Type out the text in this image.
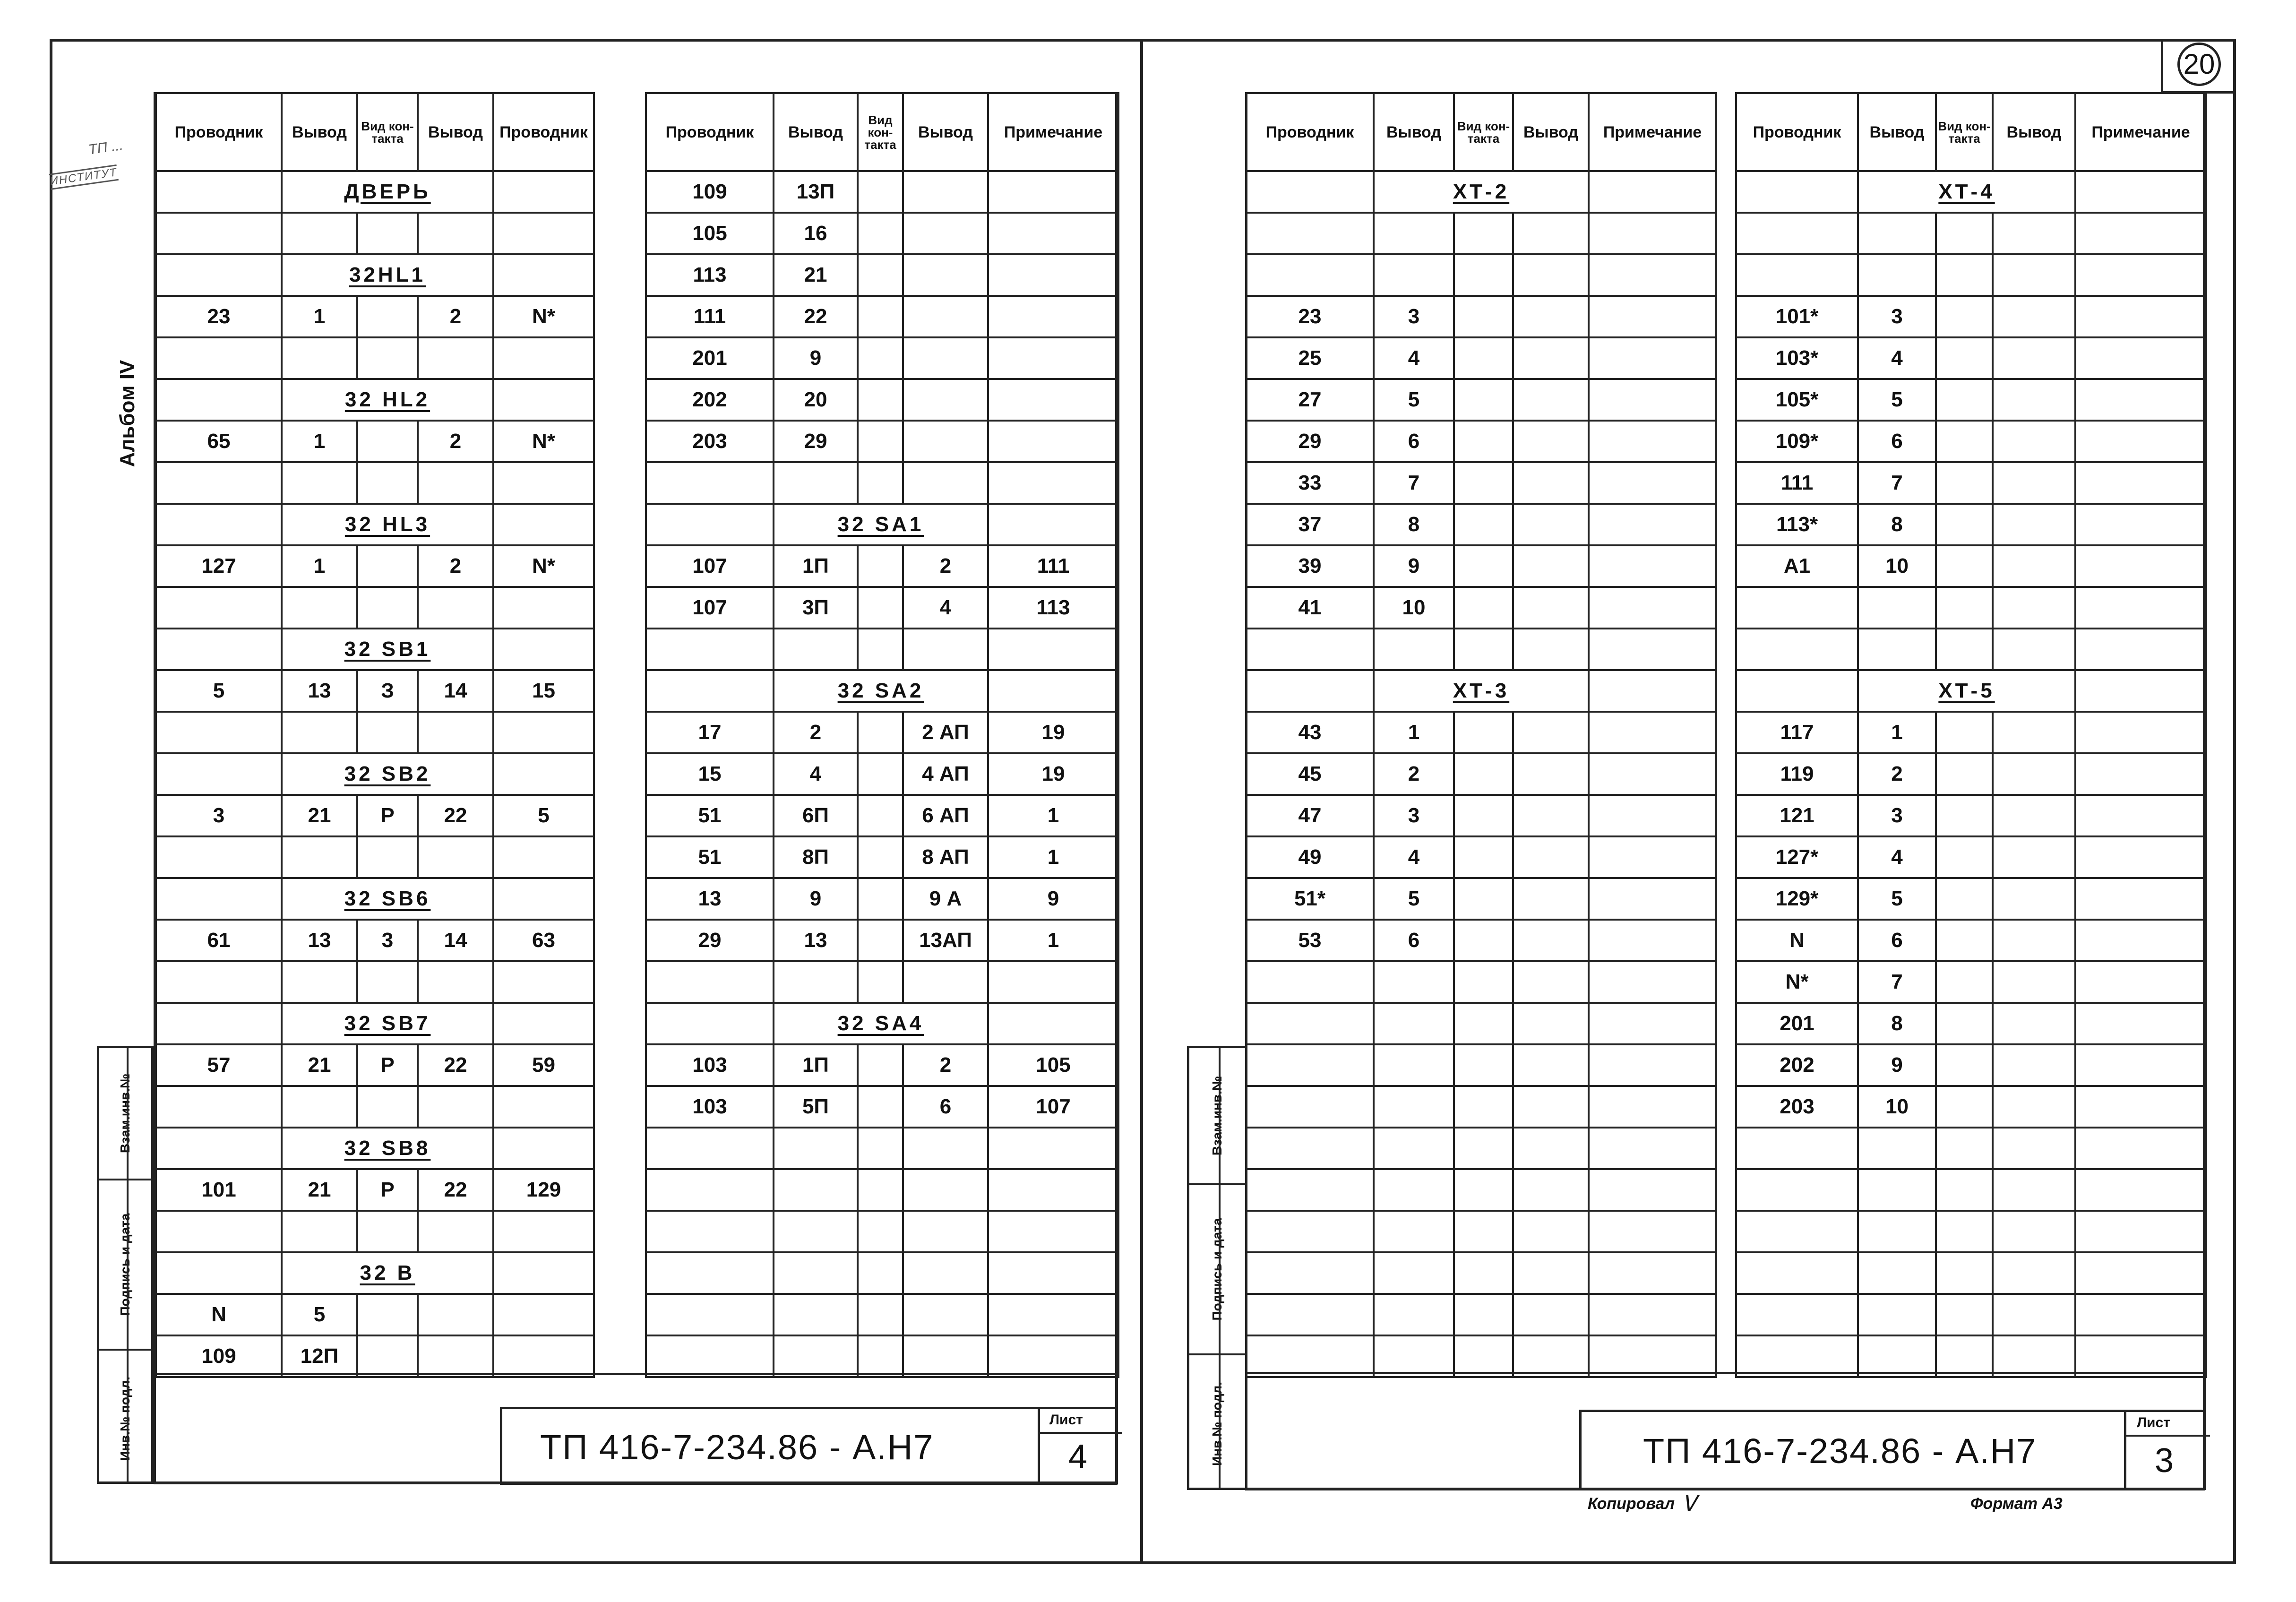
20
ТП ...
ИНСТИТУТ
Альбом IV
Взам.инв.№
Подпись и дата
Инв.№ подл.
Взам.инв.№
Подпись и дата
Инв.№ подл.
ТП 416-7-234.86 - А.Н7
Лист
4	ТП 416-7-234.86 - А.Н7
Лист
3
Копировал Ꮩ	Формат А3
Проводник	Вывод	Вид кон- такта	Вывод	Проводник
	ДВЕРЬ			

	32HL1			
23	1		2	N*

	32 HL2			
65	1		2	N*

	32 HL3			
127	1		2	N*

	32 SB1			
5	13	З	14	15

	32 SB2			
3	21	Р	22	5

	32 SB6			
61	13	3	14	63

	32 SB7			
57	21	Р	22	59

	32 SB8			
101	21	Р	22	129

	32 B			
N	5			
109	12П			
Проводник	Вывод	Вид кон- такта	Вывод	Примечание
109	13П			
105	16			
113	21			
111	22			
201	9			
202	20			
203	29			

	32 SA1			
107	1П		2	111
107	3П		4	113

	32 SA2			
17	2		2 АП	19
15	4		4 АП	19
51	6П		6 АП	1
51	8П		8 АП	1
13	9		9 А	9
29	13		13АП	1

	32 SA4			
103	1П		2	105
103	5П		6	107

Проводник	Вывод	Вид кон- такта	Вывод	Примечание
	ХТ-2			

23	3			
25	4			
27	5			
29	6			
33	7			
37	8			
39	9			
41	10			

	ХТ-3			
43	1			
45	2			
47	3			
49	4			
51*	5			
53	6			

Проводник	Вывод	Вид кон- такта	Вывод	Примечание
	ХТ-4			

101*	3			
103*	4			
105*	5			
109*	6			
111	7			
113*	8			
А1	10			

	ХТ-5			
117	1			
119	2			
121	3			
127*	4			
129*	5			
N	6			
N*	7			
201	8			
202	9			
203	10			
